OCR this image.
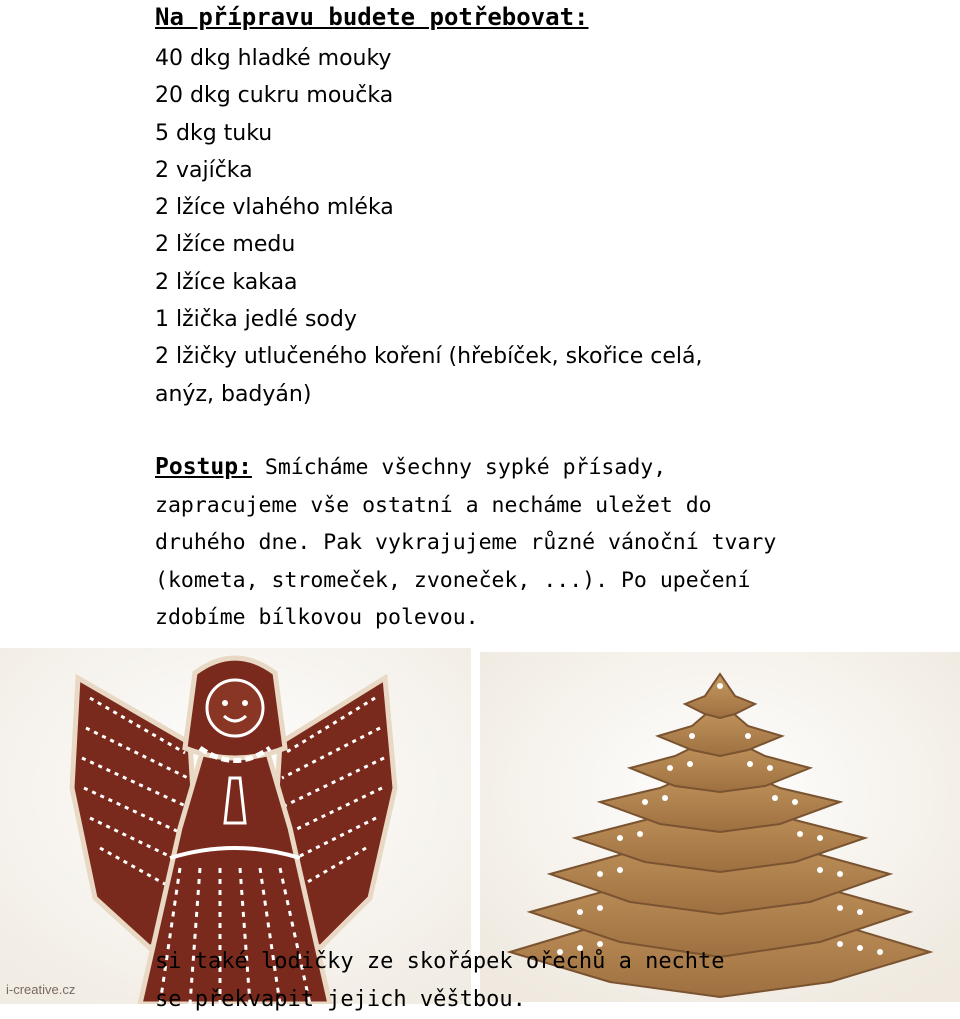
Na přípravu budete potřebovat:
40 dkg hladké mouky
20 dkg cukru moučka
5 dkg tuku
2 vajíčka
2 lžíce vlahého mléka
2 lžíce medu
2 lžíce kakaa
1 lžička jedlé sody
2 lžičky utlučeného koření (hřebíček, skořice celá,
anýz, badyán)
Postup: Smícháme všechny sypké přísady, zapracujeme vše ostatní a necháme uležet do druhého dne. Pak vykrajujeme různé vánoční tvary (kometa, stromeček, zvoneček, ...). Po upečení zdobíme bílkovou polevou.
i-creative.cz
si také lodičky ze skořápek ořechů a nechte
se překvapit jejich věštbou.
